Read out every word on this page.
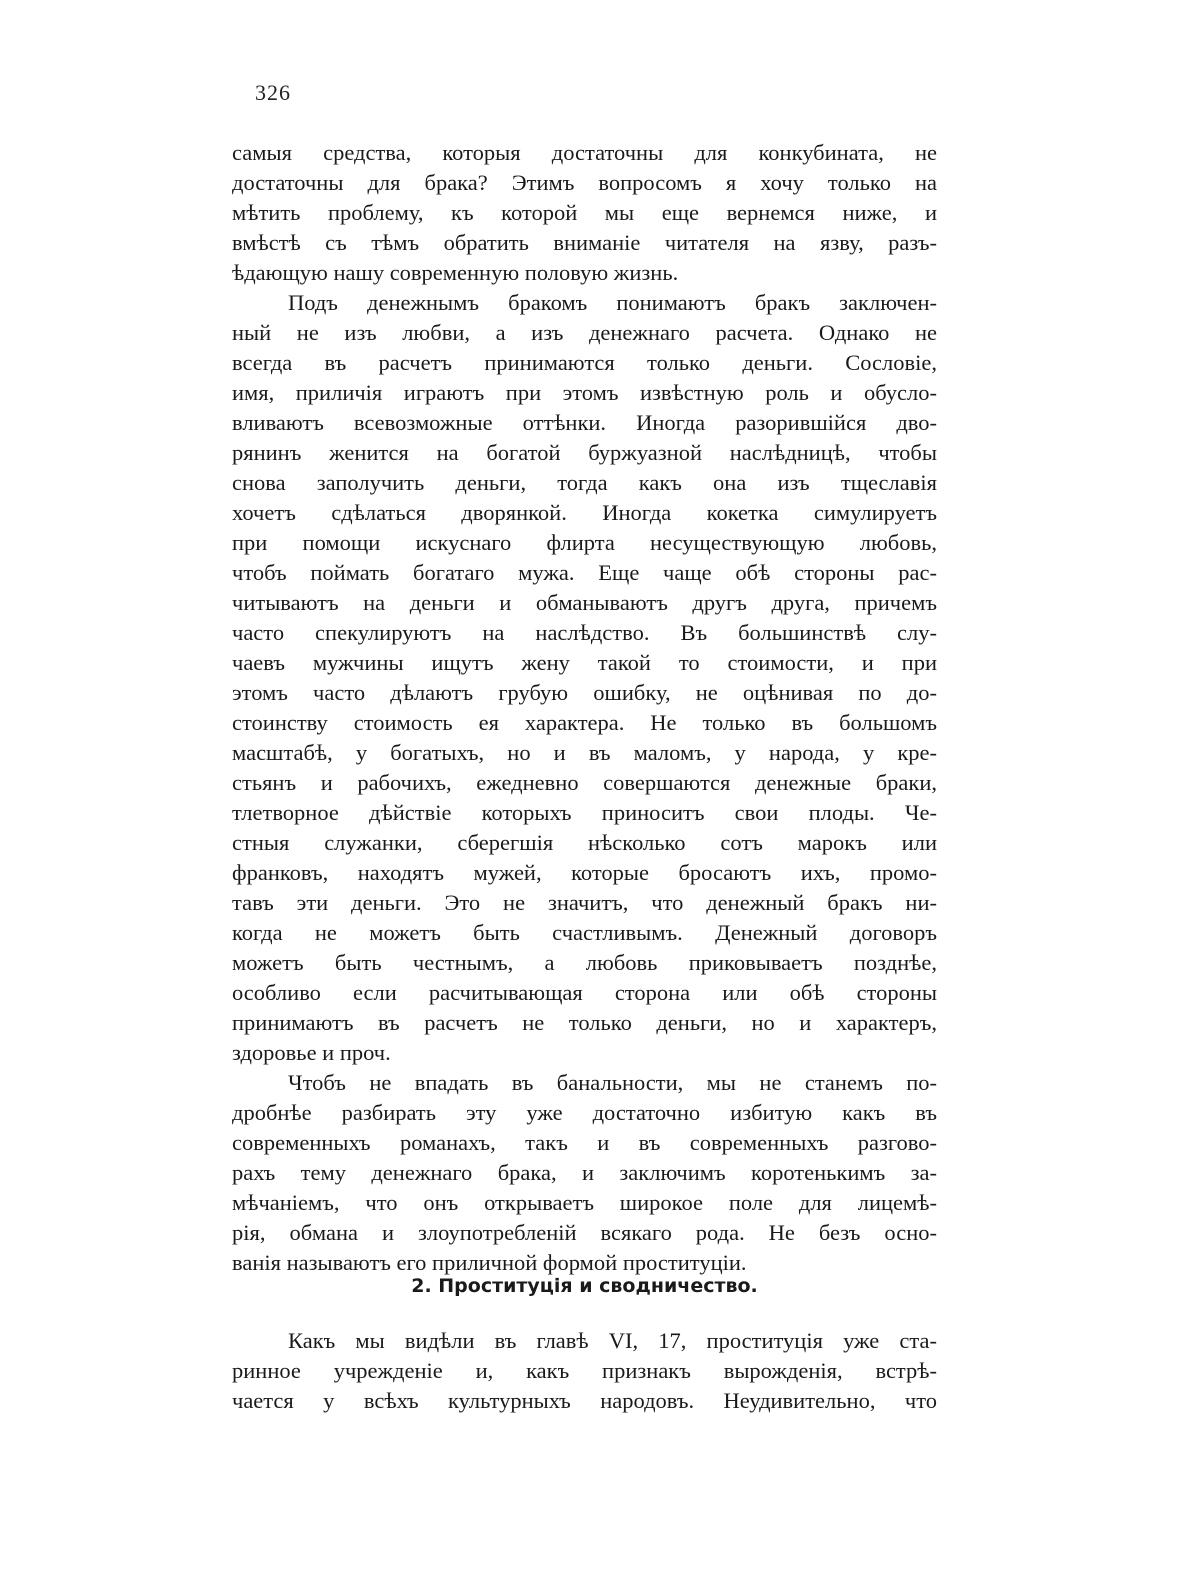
326
самыя средства, которыя достаточны для конкубината, не
достаточны для брака? Этимъ вопросомъ я хочу только на
мѣтить проблему, къ которой мы еще вернемся ниже, и
вмѣстѣ съ тѣмъ обратить вниманіе читателя на язву, разъ-
ѣдающую нашу современную половую жизнь.
Подъ денежнымъ бракомъ понимаютъ бракъ заключен-
ный не изъ любви, а изъ денежнаго расчета. Однако не
всегда въ расчетъ принимаются только деньги. Сословіе,
имя, приличія играютъ при этомъ извѣстную роль и обусло-
вливаютъ всевозможные оттѣнки. Иногда разорившійся дво-
рянинъ женится на богатой буржуазной наслѣдницѣ, чтобы
снова заполучить деньги, тогда какъ она изъ тщеславія
хочетъ сдѣлаться дворянкой. Иногда кокетка симулируетъ
при помощи искуснаго флирта несуществующую любовь,
чтобъ поймать богатаго мужа. Еще чаще обѣ стороны рас-
читываютъ на деньги и обманываютъ другъ друга, причемъ
часто спекулируютъ на наслѣдство. Въ большинствѣ слу-
чаевъ мужчины ищутъ жену такой то стоимости, и при
этомъ часто дѣлаютъ грубую ошибку, не оцѣнивая по до-
стоинству стоимость ея характера. Не только въ большомъ
масштабѣ, у богатыхъ, но и въ маломъ, у народа, у кре-
стьянъ и рабочихъ, ежедневно совершаются денежные браки,
тлетворное дѣйствіе которыхъ приноситъ свои плоды. Че-
стныя служанки, сберегшія нѣсколько сотъ марокъ или
франковъ, находятъ мужей, которые бросаютъ ихъ, промо-
тавъ эти деньги. Это не значитъ, что денежный бракъ ни-
когда не можетъ быть счастливымъ. Денежный договоръ
можетъ быть честнымъ, а любовь приковываетъ позднѣе,
особливо если расчитывающая сторона или обѣ стороны
принимаютъ въ расчетъ не только деньги, но и характеръ,
здоровье и проч.
Чтобъ не впадать въ банальности, мы не станемъ по-
дробнѣе разбирать эту уже достаточно избитую какъ въ
современныхъ романахъ, такъ и въ современныхъ разгово-
рахъ тему денежнаго брака, и заключимъ коротенькимъ за-
мѣчаніемъ, что онъ открываетъ широкое поле для лицемѣ-
рія, обмана и злоупотребленій всякаго рода. Не безъ осно-
ванія называютъ его приличной формой проституціи.
2. Проституція и сводничество.
Какъ мы видѣли въ главѣ VI, 17, проституція уже ста-
ринное учрежденіе и, какъ признакъ вырожденія, встрѣ-
чается у всѣхъ культурныхъ народовъ. Неудивительно, что
